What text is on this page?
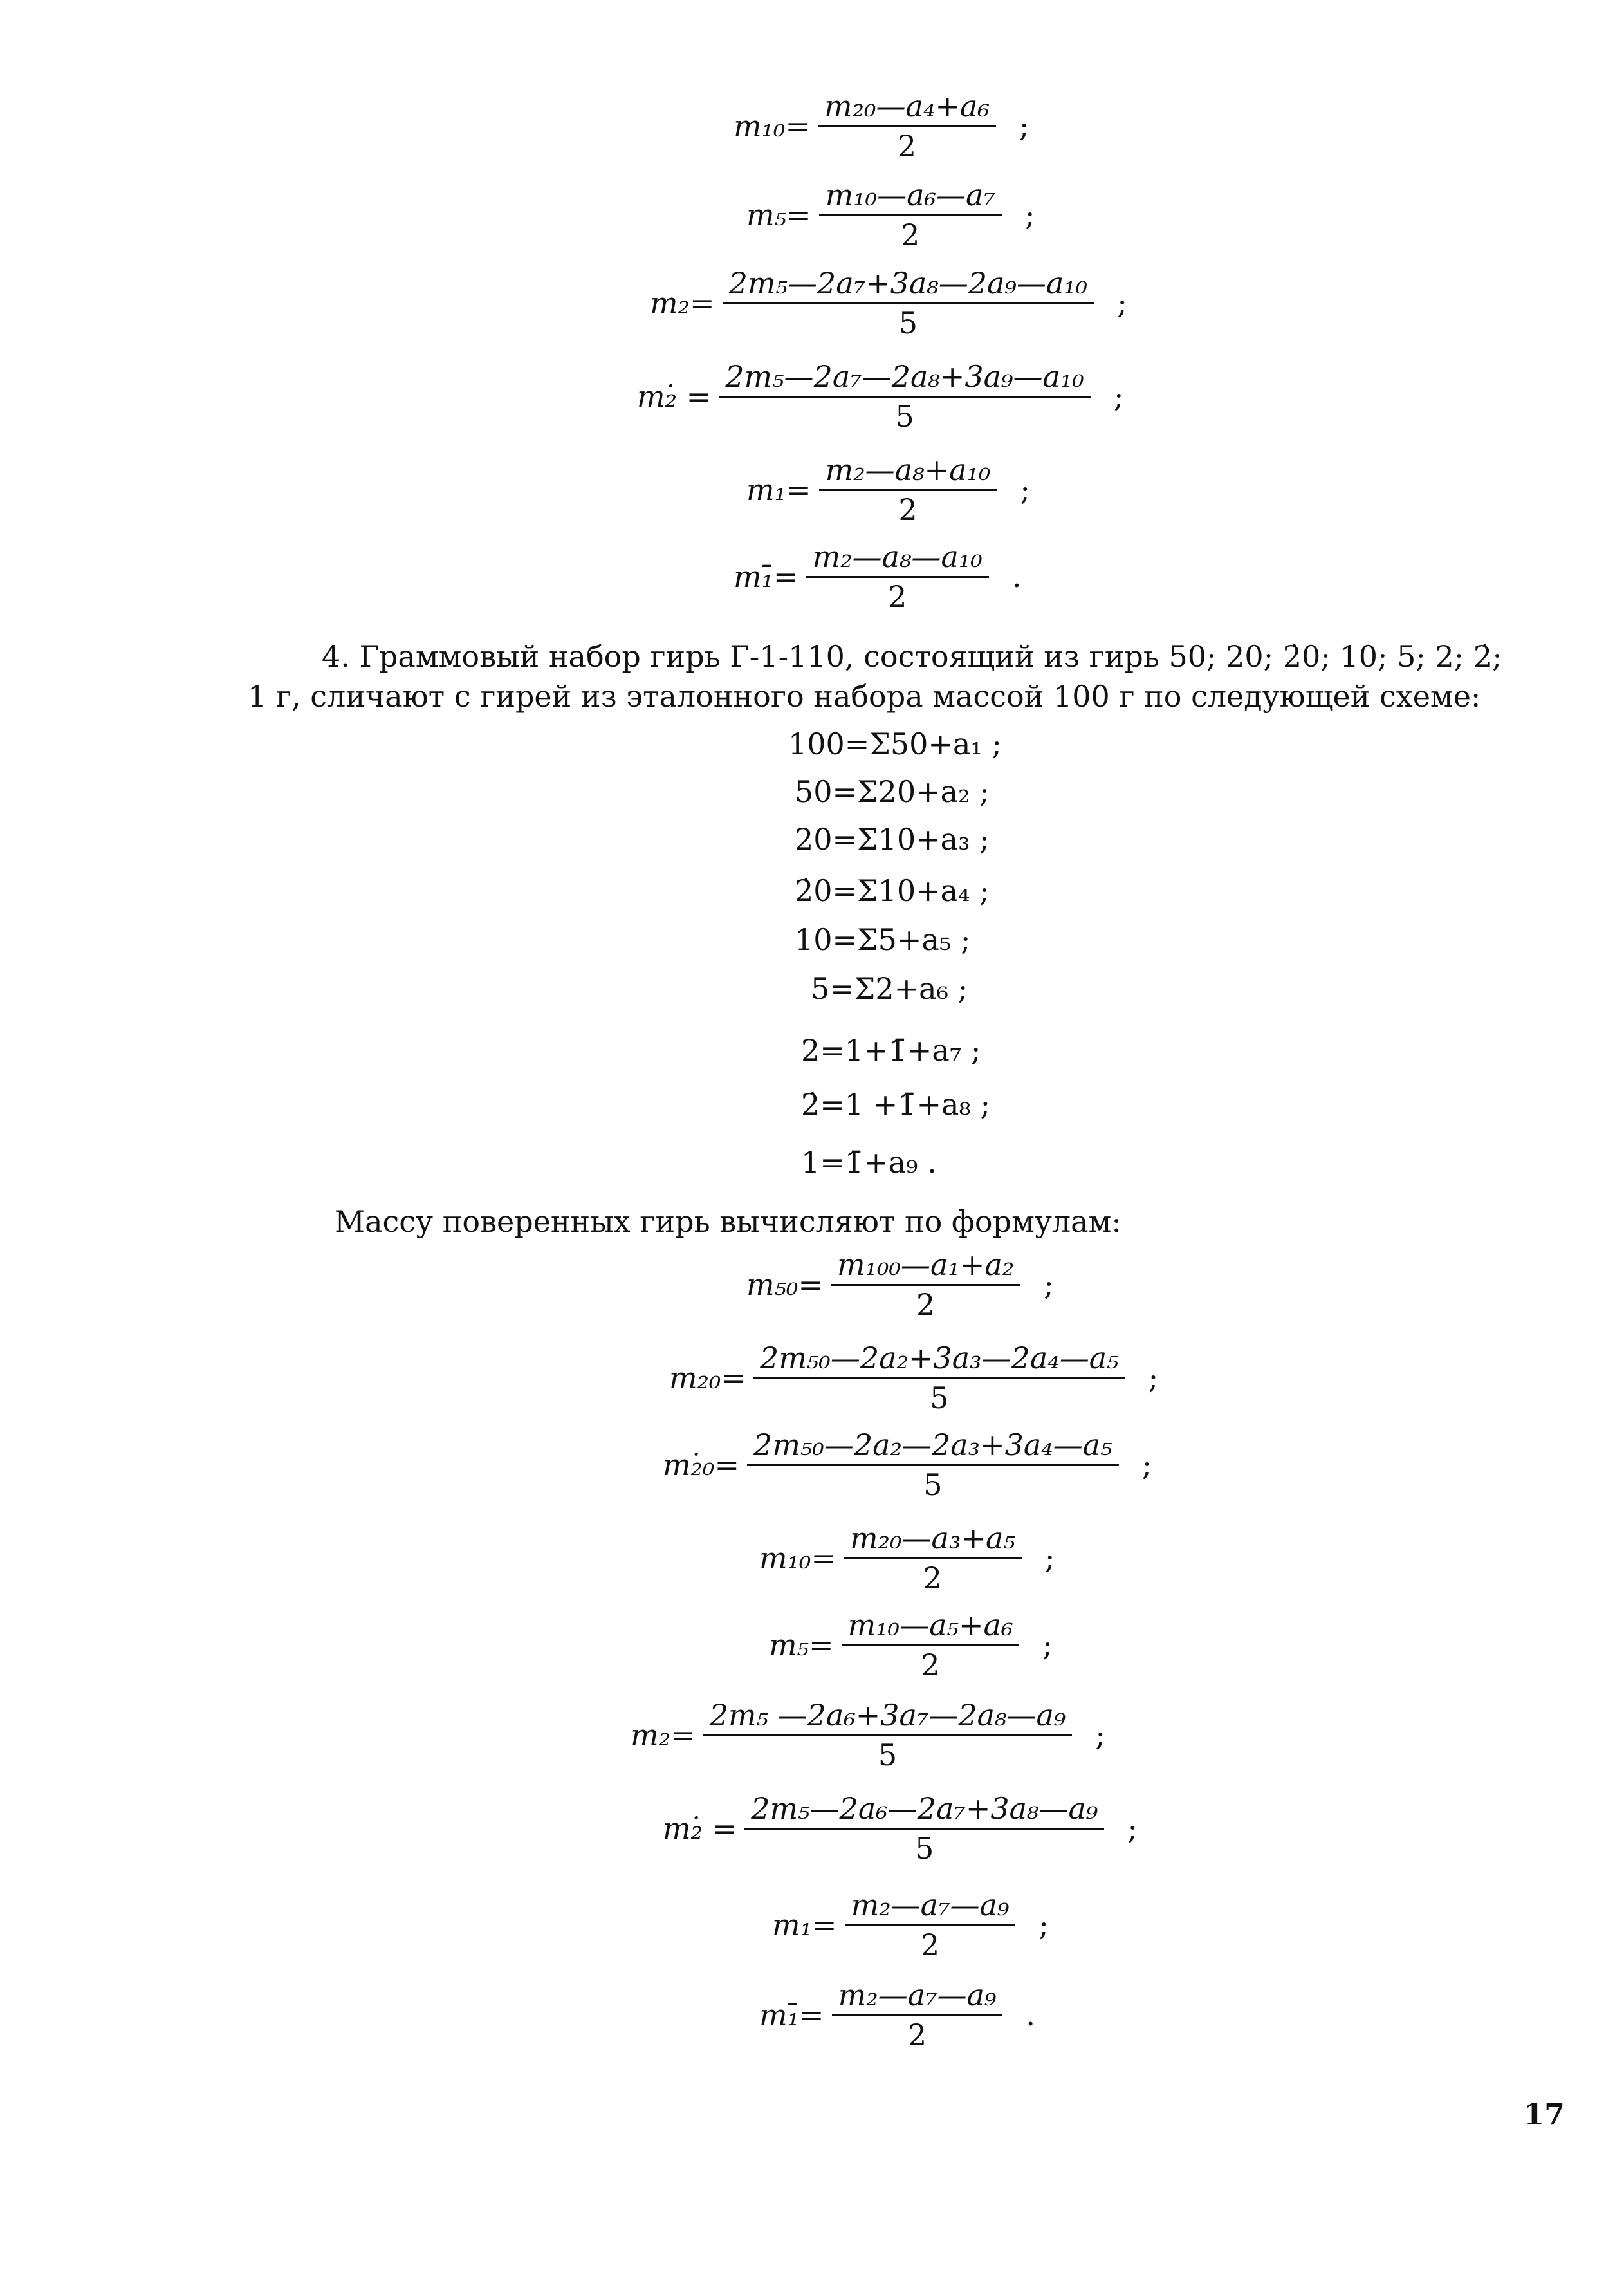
$m_{10}= \frac{\text{m₂₀—a₄+a₆}}{2}$ ;
$m_5= \frac{\text{m₁₀—a₆—a₇}}{2}$ ;
$m_2= \frac{\text{2m₅—2a₇+3a₈—2a₉—a₁₀}}{5}$ ;
m₂̇ = $\frac{\text{2m₅—2a₇—2a₈+3a₉—a₁₀}}{5}$ ;
$m_1= \frac{\text{m₂—a₈+a₁₀}}{2}$ ;
m₁̄= $\frac{\text{m₂—a₈—a₁₀}}{2}$ .
4. Граммовый набор гирь Г-1-110, состоящий из гирь 50; 20; 2̇0; 10; 5; 2; 2̇;
1 г, сличают с гирей из эталонного набора массой 100 г по следующей схеме:
100=Σ50+a₁ ;
50=Σ20+a₂ ;
20=Σ10+a₃ ;
2̇0=Σ10+a₄ ;
10=Σ5+a₅ ;
5=Σ2+a₆ ;
2=1+1̄+a₇ ;
2̇=1 +1̄+a₈ ;
1=1̄+a₉ .
Массу поверенных гирь вычисляют по формулам:
$m_{50}= \frac{\text{m₁₀₀—a₁+a₂}}{2}$ ;
$m_{20}= \frac{\text{2m₅₀—2a₂+3a₃—2a₄—a₅}}{5}$ ;
m₂̇₀= $\frac{\text{2m₅₀—2a₂—2a₃+3a₄—a₅}}{5}$ ;
$m_{10}= \frac{\text{m₂₀—a₃+a₅}}{2}$ ;
$m_5= \frac{\text{m₁₀—a₅+a₆}}{2}$ ;
$m_2= \frac{\text{2m₅ —2a₆+3a₇—2a₈—a₉}}{5}$ ;
m₂̇ = $\frac{\text{2m₅—2a₆—2a₇+3a₈—a₉}}{5}$ ;
$m_1= \frac{\text{m₂—a₇—a₉}}{2}$ ;
m₁̄= $\frac{\text{m₂—a₇—a₉}}{2}$ .
17
